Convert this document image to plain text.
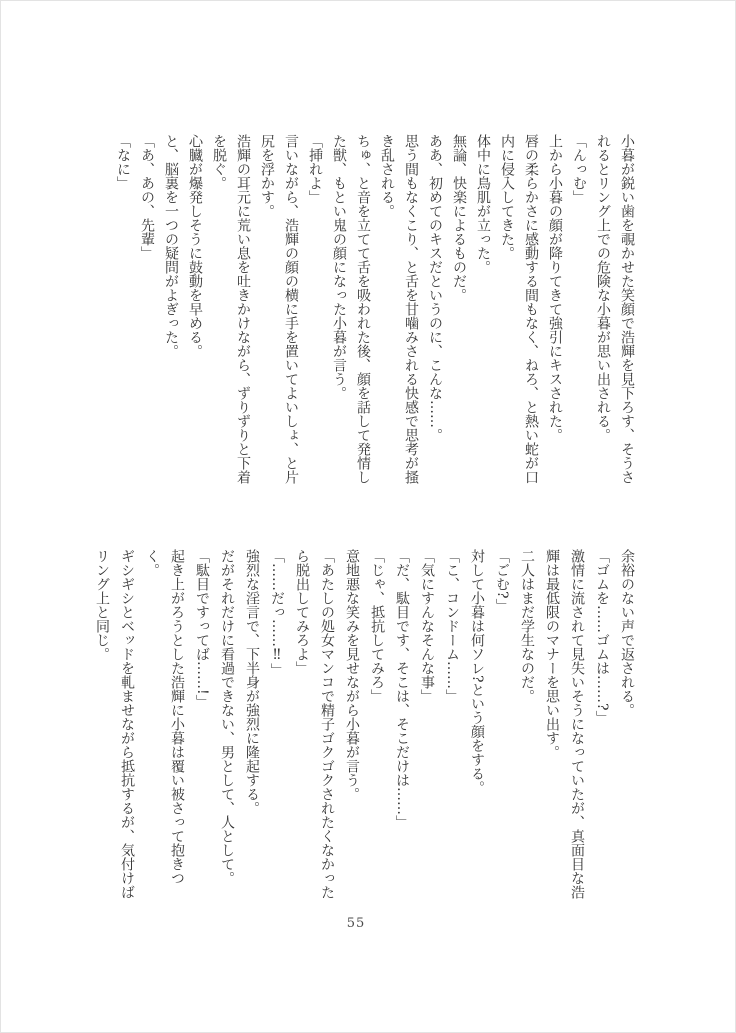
小暮が鋭い歯を覗かせた笑顔で浩輝を見下ろす、そうさ

れるとリング上での危険な小暮が思い出される。

「んっむ」

上から小暮の顔が降りてきて強引にキスされた。

唇の柔らかさに感動する間もなく、ねろ、と熱い蛇が口

内に侵入してきた。

体中に鳥肌が立った。

無論、快楽によるものだ。

ああ、初めてのキスだというのに、こんな……。

思う間もなくこり、と舌を甘噛みされる快感で思考が搔

き乱される。

ちゅ、と音を立てて舌を吸われた後、顔を話して発情し

た獣、もとい鬼の顔になった小暮が言う。

「挿れよ」

言いながら、浩輝の顔の横に手を置いてよいしょ、と片

尻を浮かす。

浩輝の耳元に荒い息を吐きかけながら、ずりずりと下着

を脱ぐ。

心臓が爆発しそうに鼓動を早める。

と、脳裏を一つの疑問がよぎった。

「あ、あの、先輩」

「なに」

余裕のない声で返される。

「ゴムを……ゴムは……?」

激情に流されて見失いそうになっていたが、真面目な浩

輝は最低限のマナーを思い出す。

二人はまだ学生なのだ。

「ごむ?」

対して小暮は何ソレ?という顔をする。

「こ、コンドーム……」

「気にすんなそんな事」

「だ、駄目です、そこは、そこだけは……」

「じゃ、抵抗してみろ」

意地悪な笑みを見せながら小暮が言う。

「あたしの処女マンコで精子ゴクゴクされたくなかった

ら脱出してみろよ」

「……だっ……‼」

強烈な淫言で、下半身が強烈に隆起する。

だがそれだけに看過できない、男として、人として。

「駄目ですってば……!」

起き上がろうとした浩輝に小暮は覆い被さって抱きつ

く。

ギシギシとベッドを軋ませながら抵抗するが、気付けば

リング上と同じ。

55
